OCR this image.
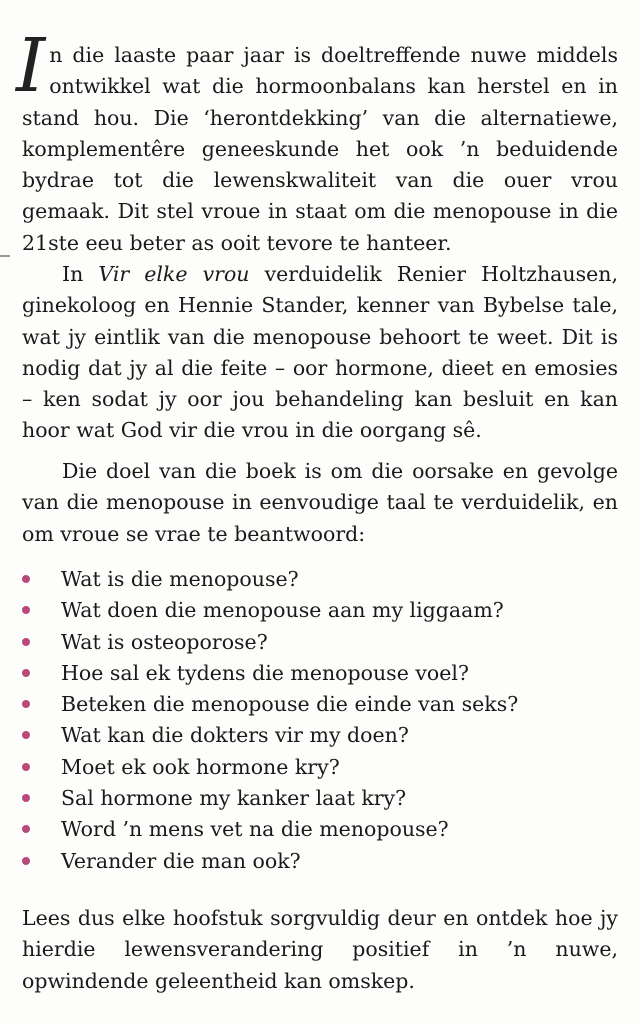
In die laaste paar jaar is doeltreffende nuwe middels ontwikkel wat die hormoonbalans kan herstel en in stand hou. Die ‘herontdekking’ van die alternatiewe, komplementêre geneeskunde het ook ’n beduidende bydrae tot die lewenskwaliteit van die ouer vrou gemaak. Dit stel vroue in staat om die menopouse in die 21ste eeu beter as ooit tevore te hanteer.

In Vir elke vrou verduidelik Renier Holtzhausen, ginekoloog en Hennie Stander, kenner van Bybelse tale, wat jy eintlik van die menopouse behoort te weet. Dit is nodig dat jy al die feite – oor hormone, dieet en emosies – ken sodat jy oor jou behandeling kan besluit en kan hoor wat God vir die vrou in die oorgang sê.

Die doel van die boek is om die oorsake en gevolge van die menopouse in eenvoudige taal te verduidelik, en om vroue se vrae te beantwoord:

Wat is die menopouse?
Wat doen die menopouse aan my liggaam?
Wat is osteoporose?
Hoe sal ek tydens die menopouse voel?
Beteken die menopouse die einde van seks?
Wat kan die dokters vir my doen?
Moet ek ook hormone kry?
Sal hormone my kanker laat kry?
Word ’n mens vet na die menopouse?
Verander die man ook?

Lees dus elke hoofstuk sorgvuldig deur en ontdek hoe jy hierdie lewensverandering positief in ’n nuwe, opwindende geleentheid kan omskep.
